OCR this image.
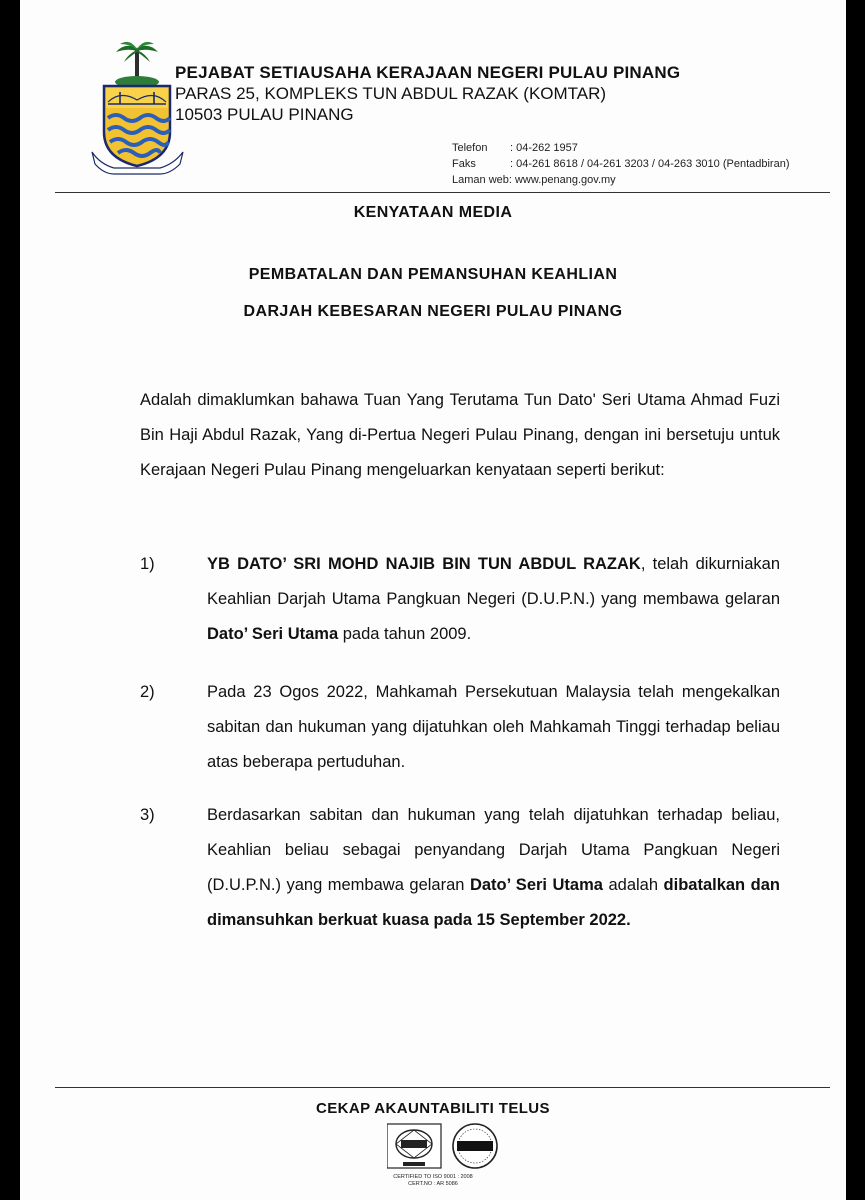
PEJABAT SETIAUSAHA KERAJAAN NEGERI PULAU PINANG
PARAS 25, KOMPLEKS TUN ABDUL RAZAK (KOMTAR)
10503 PULAU PINANG
Telefon	: 04-262 1957
Faks	: 04-261 8618 / 04-261 3203 / 04-263 3010 (Pentadbiran)
Laman web: www.penang.gov.my
KENYATAAN MEDIA
PEMBATALAN DAN PEMANSUHAN KEAHLIAN
DARJAH KEBESARAN NEGERI PULAU PINANG
Adalah dimaklumkan bahawa Tuan Yang Terutama Tun Dato' Seri Utama Ahmad Fuzi Bin Haji Abdul Razak, Yang di-Pertua Negeri Pulau Pinang, dengan ini bersetuju untuk Kerajaan Negeri Pulau Pinang mengeluarkan kenyataan seperti berikut:
1)	YB DATO’ SRI MOHD NAJIB BIN TUN ABDUL RAZAK, telah dikurniakan Keahlian Darjah Utama Pangkuan Negeri (D.U.P.N.) yang membawa gelaran Dato’ Seri Utama pada tahun 2009.
2)	Pada 23 Ogos 2022, Mahkamah Persekutuan Malaysia telah mengekalkan sabitan dan hukuman yang dijatuhkan oleh Mahkamah Tinggi terhadap beliau atas beberapa pertuduhan.
3)	Berdasarkan sabitan dan hukuman yang telah dijatuhkan terhadap beliau, Keahlian beliau sebagai penyandang Darjah Utama Pangkuan Negeri (D.U.P.N.) yang membawa gelaran Dato’ Seri Utama adalah dibatalkan dan dimansuhkan berkuat kuasa pada 15 September 2022.
CEKAP AKAUNTABILITI TELUS
CERTIFIED TO ISO 9001 : 2008
CERT.NO : AR 5086
